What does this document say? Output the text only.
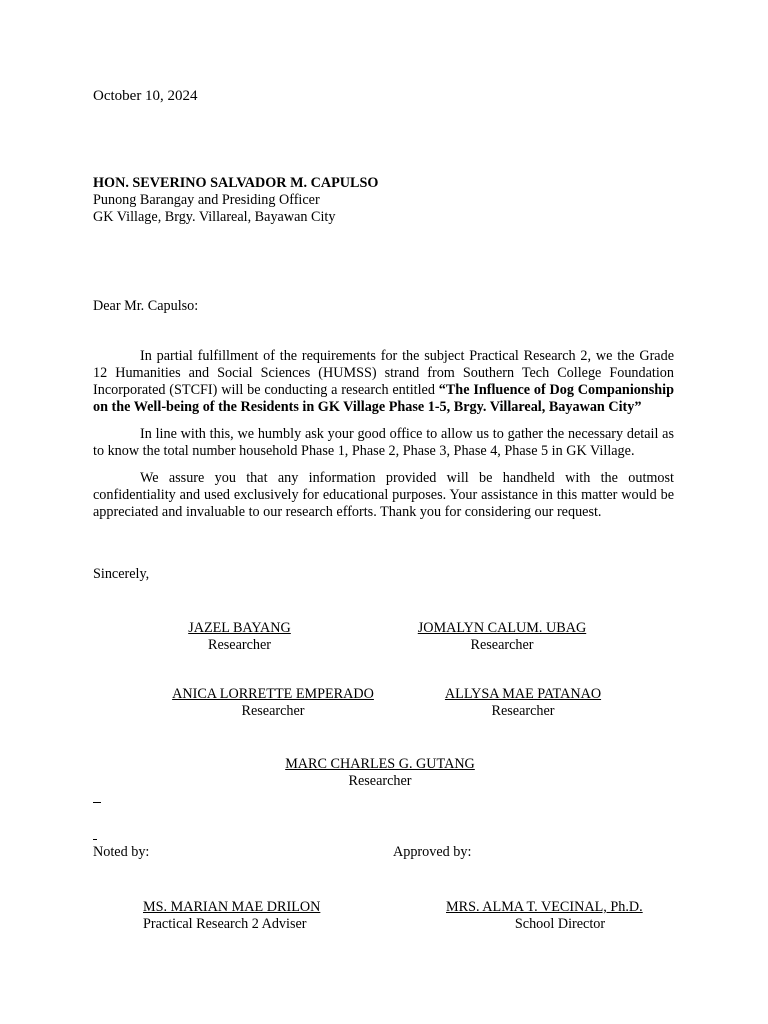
October 10, 2024
HON. SEVERINO SALVADOR M. CAPULSO
Punong Barangay and Presiding Officer
GK Village, Brgy. Villareal, Bayawan City
Dear Mr. Capulso:

In partial fulfillment of the requirements for the subject Practical Research 2, we the Grade 12 Humanities and Social Sciences (HUMSS) strand from Southern Tech College Foundation Incorporated (STCFI) will be conducting a research entitled “The Influence of Dog Companionship on the Well-being of the Residents in GK Village Phase 1-5, Brgy. Villareal, Bayawan City”

In line with this, we humbly ask your good office to allow us to gather the necessary detail as to know the total number household Phase 1, Phase 2, Phase 3, Phase 4, Phase 5 in GK Village.

We assure you that any information provided will be handheld with the outmost confidentiality and used exclusively for educational purposes. Your assistance in this matter would be appreciated and invaluable to our research efforts. Thank you for considering our request.

Sincerely,
JAZEL BAYANG
Researcher
JOMALYN CALUM. UBAG
Researcher
ANICA LORRETTE EMPERADO
Researcher
ALLYSA MAE PATANAO
Researcher
MARC CHARLES G. GUTANG
Researcher
Noted by:	Approved by:
MS. MARIAN MAE DRILON
Practical Research 2 Adviser
MRS. ALMA T. VECINAL, Ph.D.
School Director
